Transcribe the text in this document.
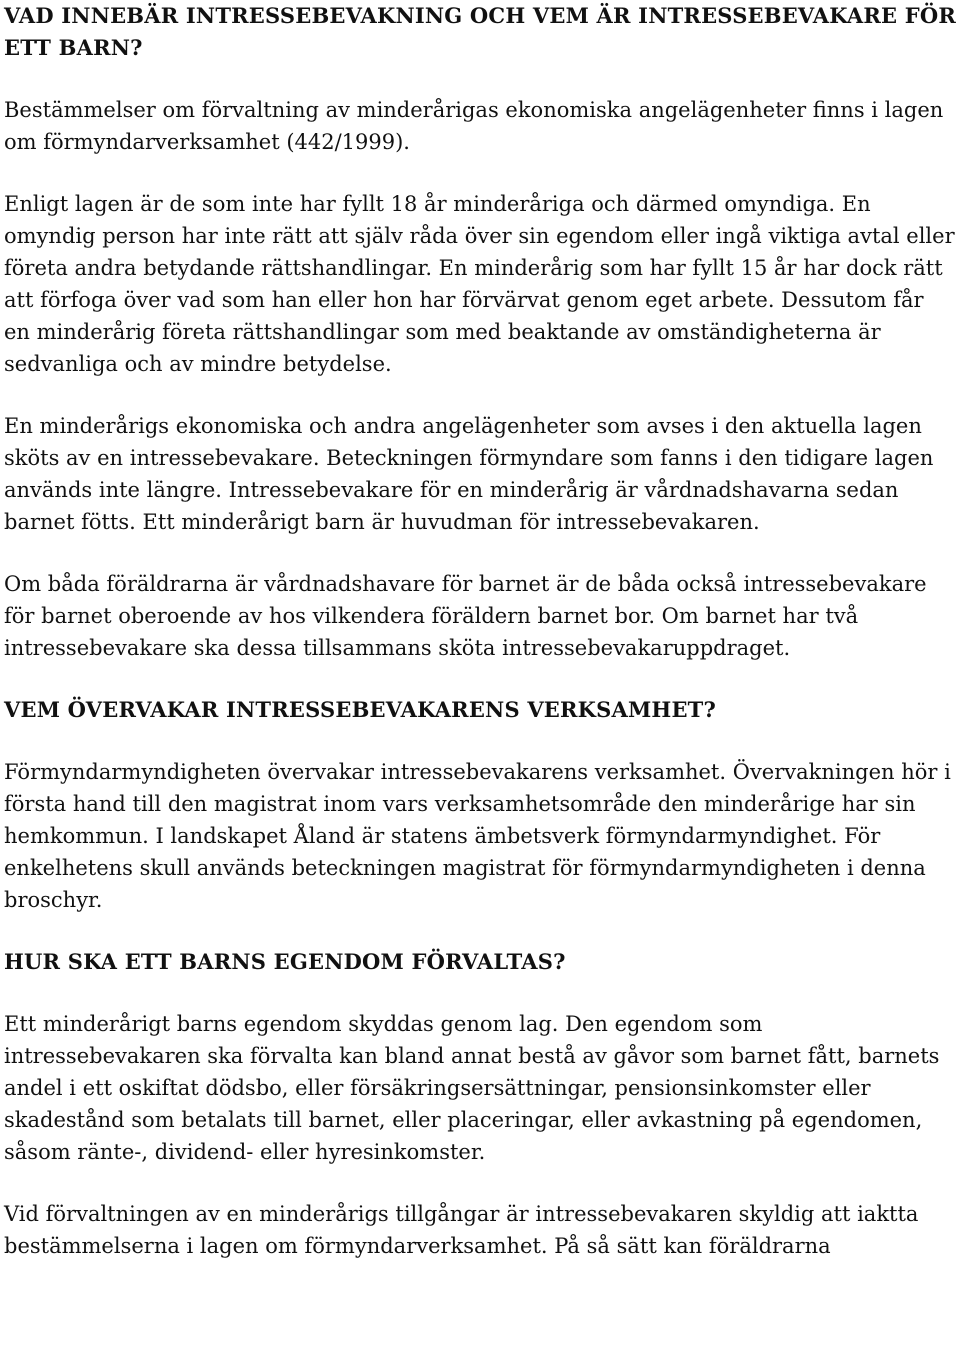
VAD INNEBÄR INTRESSEBEVAKNING OCH VEM ÄR INTRESSEBEVAKARE FÖR ETT BARN?

Bestämmelser om förvaltning av minderårigas ekonomiska angelägenheter finns i lagen om förmyndarverksamhet (442/1999).

Enligt lagen är de som inte har fyllt 18 år minderåriga och därmed omyndiga. En omyndig person har inte rätt att själv råda över sin egendom eller ingå viktiga avtal eller företa andra betydande rättshandlingar. En minderårig som har fyllt 15 år har dock rätt att förfoga över vad som han eller hon har förvärvat genom eget arbete. Dessutom får en minderårig företa rättshandlingar som med beaktande av omständigheterna är sedvanliga och av mindre betydelse.

En minderårigs ekonomiska och andra angelägenheter som avses i den aktuella lagen sköts av en intressebevakare. Beteckningen förmyndare som fanns i den tidigare lagen används inte längre. Intressebevakare för en minderårig är vårdnadshavarna sedan barnet fötts. Ett minderårigt barn är huvudman för intressebevakaren.

Om båda föräldrarna är vårdnadshavare för barnet är de båda också intressebevakare för barnet oberoende av hos vilkendera föräldern barnet bor. Om barnet har två intressebevakare ska dessa tillsammans sköta intressebevakaruppdraget.

VEM ÖVERVAKAR INTRESSEBEVAKARENS VERKSAMHET?

Förmyndarmyndigheten övervakar intressebevakarens verksamhet. Övervakningen hör i första hand till den magistrat inom vars verksamhetsområde den minderårige har sin hemkommun. I landskapet Åland är statens ämbetsverk förmyndarmyndighet. För enkelhetens skull används beteckningen magistrat för förmyndarmyndigheten i denna broschyr.

HUR SKA ETT BARNS EGENDOM FÖRVALTAS?

Ett minderårigt barns egendom skyddas genom lag. Den egendom som intressebevakaren ska förvalta kan bland annat bestå av gåvor som barnet fått, barnets andel i ett oskiftat dödsbo, eller försäkringsersättningar, pensionsinkomster eller skadestånd som betalats till barnet, eller placeringar, eller avkastning på egendomen, såsom ränte-, dividend- eller hyresinkomster.

Vid förvaltningen av en minderårigs tillgångar är intressebevakaren skyldig att iaktta bestämmelserna i lagen om förmyndarverksamhet. På så sätt kan föräldrarna
